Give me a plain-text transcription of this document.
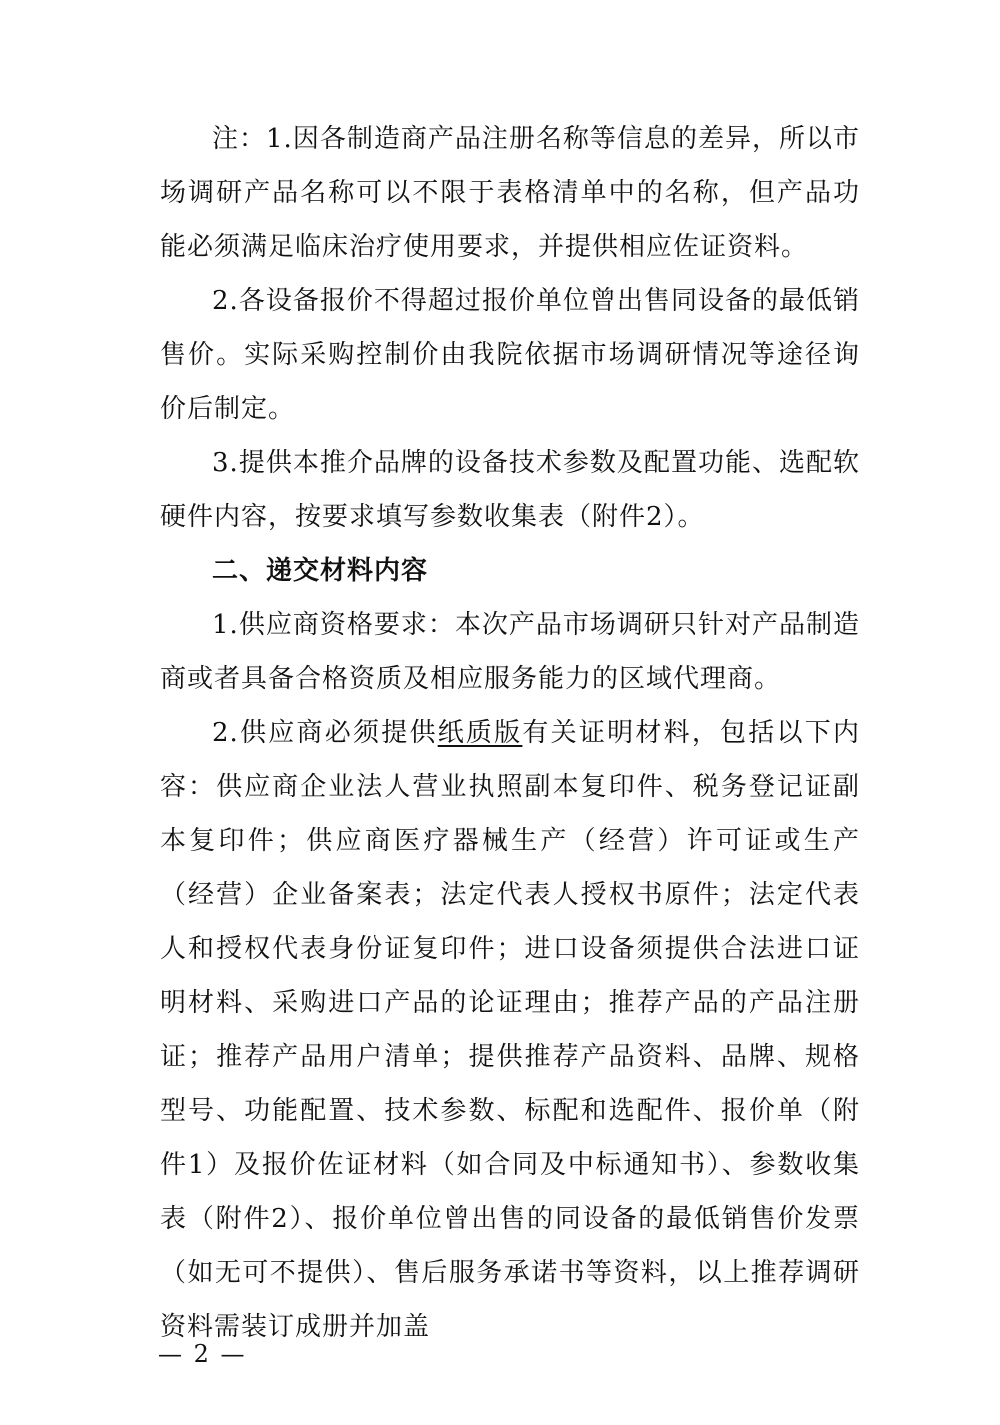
注：1.因各制造商产品注册名称等信息的差异，所以市场调研产品名称可以不限于表格清单中的名称，但产品功能必须满足临床治疗使用要求，并提供相应佐证资料。

2.各设备报价不得超过报价单位曾出售同设备的最低销售价。实际采购控制价由我院依据市场调研情况等途径询价后制定。

3.提供本推介品牌的设备技术参数及配置功能、选配软硬件内容，按要求填写参数收集表（附件2）。

二、递交材料内容

1.供应商资格要求：本次产品市场调研只针对产品制造商或者具备合格资质及相应服务能力的区域代理商。

2.供应商必须提供纸质版有关证明材料，包括以下内容：供应商企业法人营业执照副本复印件、税务登记证副本复印件；供应商医疗器械生产（经营）许可证或生产（经营）企业备案表；法定代表人授权书原件；法定代表人和授权代表身份证复印件；进口设备须提供合法进口证明材料、采购进口产品的论证理由；推荐产品的产品注册证；推荐产品用户清单；提供推荐产品资料、品牌、规格型号、功能配置、技术参数、标配和选配件、报价单（附件1）及报价佐证材料（如合同及中标通知书）、参数收集表（附件2）、报价单位曾出售的同设备的最低销售价发票（如无可不提供）、售后服务承诺书等资料，以上推荐调研资料需装订成册并加盖

— 2 —
